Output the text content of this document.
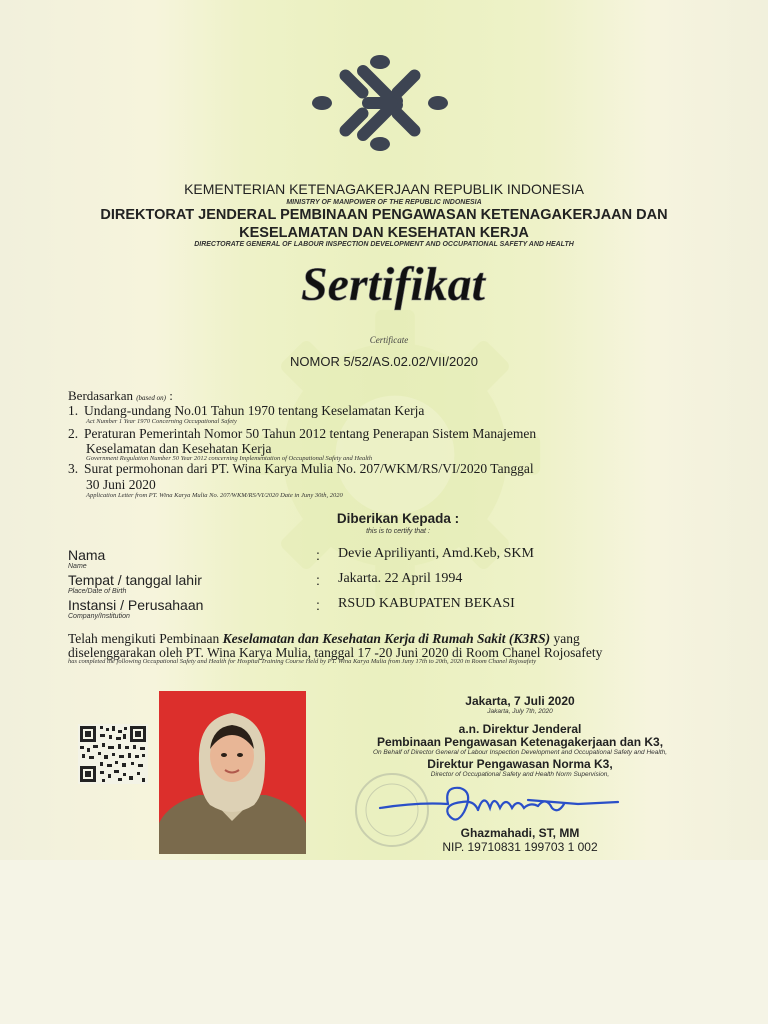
KEMENTERIAN KETENAGAKERJAAN REPUBLIK INDONESIA
MINISTRY OF MANPOWER OF THE REPUBLIC INDONESIA
DIREKTORAT JENDERAL PEMBINAAN PENGAWASAN KETENAGAKERJAAN DAN
KESELAMATAN DAN KESEHATAN KERJA
DIRECTORATE GENERAL OF LABOUR INSPECTION DEVELOPMENT AND OCCUPATIONAL SAFETY AND HEALTH
Sertifikat
Certificate
NOMOR 5/52/AS.02.02/VII/2020
Berdasarkan (based on) :
1. Undang-undang No.01 Tahun 1970 tentang Keselamatan Kerja
Act Number 1 Year 1970 Concerning Occupational Safety
2. Peraturan Pemerintah Nomor 50 Tahun 2012 tentang Penerapan Sistem Manajemen
Keselamatan dan Kesehatan Kerja
Government Regulation Number 50 Year 2012 concerning Implementation of Occupational Safety and Health
3. Surat permohonan dari PT. Wina Karya Mulia No. 207/WKM/RS/VI/2020 Tanggal
30 Juni 2020
Application Letter from PT. Wina Karya Mulia No. 207/WKM/RS/VI/2020 Date in Juny 30th, 2020
Diberikan Kepada :
this is to certify that :
Nama
Name
: Devie Apriliyanti, Amd.Keb, SKM
Tempat / tanggal lahir
Place/Date of Birth
: Jakarta. 22 April 1994
Instansi / Perusahaan
Company/Institution
: RSUD KABUPATEN BEKASI
Telah mengikuti Pembinaan Keselamatan dan Kesehatan Kerja di Rumah Sakit (K3RS) yang
diselenggarakan oleh PT. Wina Karya Mulia, tanggal 17 -20 Juni 2020 di Room Chanel Rojosafety
has completed the following Occupational Safety and Health for Hospital Training Course Held by PT. Wina Karya Mulia from Juny 17th to 20th, 2020 in Room Chanel Rojosafety
Jakarta, 7 Juli 2020
Jakarta, July 7th, 2020
a.n. Direktur Jenderal
Pembinaan Pengawasan Ketenagakerjaan dan K3,
On Behalf of Director General of Labour Inspection Development and Occupational Safety and Health,
Direktur Pengawasan Norma K3,
Director of Occupational Safety and Health Norm Supervision,
Ghazmahadi, ST, MM
NIP. 19710831 199703 1 002
